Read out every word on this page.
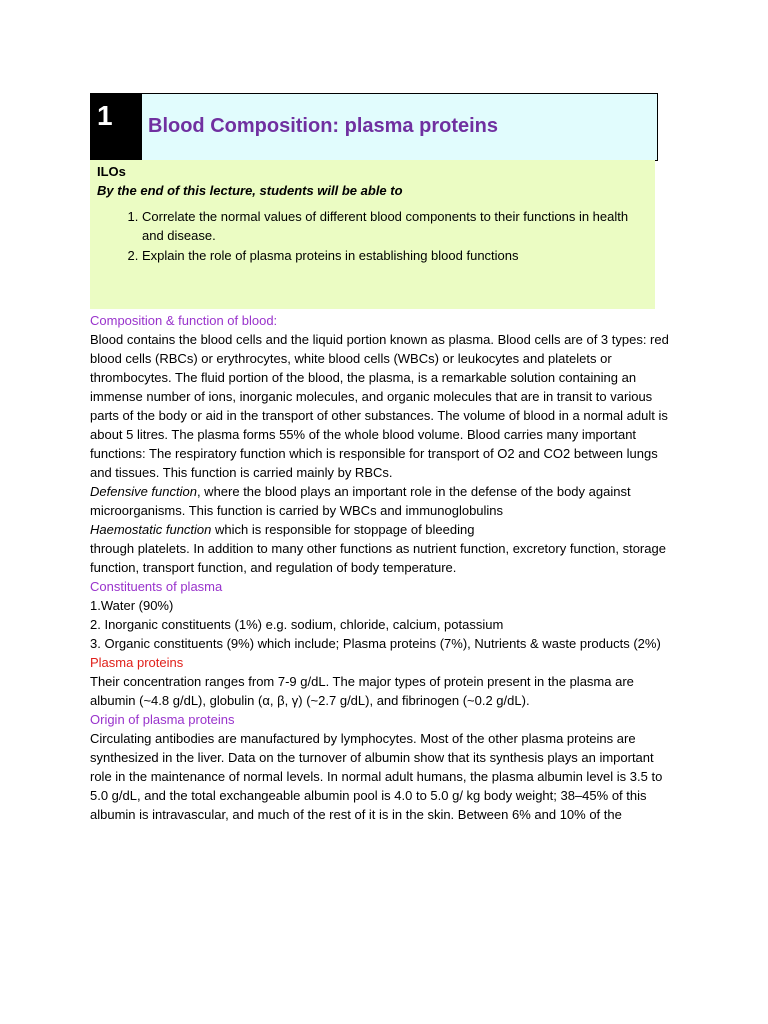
1	Blood Composition: plasma proteins
ILOs
By the end of this lecture, students will be able to
1. Correlate the normal values of different blood components to their functions in health and disease.
2. Explain the role of plasma proteins in establishing blood functions

Composition & function of blood:

Blood contains the blood cells and the liquid portion known as plasma. Blood cells are of 3 types: red blood cells (RBCs) or erythrocytes, white blood cells (WBCs) or leukocytes and platelets or thrombocytes. The fluid portion of the blood, the plasma, is a remarkable solution containing an immense number of ions, inorganic molecules, and organic molecules that are in transit to various parts of the body or aid in the transport of other substances. The volume of blood in a normal adult is about 5 litres. The plasma forms 55% of the whole blood volume. Blood carries many important functions: The respiratory function which is responsible for transport of O2 and CO2 between lungs and tissues. This function is carried mainly by RBCs.

Defensive function, where the blood plays an important role in the defense of the body against microorganisms. This function is carried by WBCs and immunoglobulins

Haemostatic function which is responsible for stoppage of bleeding

through platelets. In addition to many other functions as nutrient function, excretory function, storage function, transport function, and regulation of body temperature.

Constituents of plasma

1.Water (90%)

2. Inorganic constituents (1%) e.g. sodium, chloride, calcium, potassium

3. Organic constituents (9%) which include; Plasma proteins (7%), Nutrients & waste products (2%)

Plasma proteins

Their concentration ranges from 7-9 g/dL. The major types of protein present in the plasma are albumin (~4.8 g/dL), globulin (α, β, γ) (~2.7 g/dL), and fibrinogen (~0.2 g/dL).

Origin of plasma proteins

Circulating antibodies are manufactured by lymphocytes. Most of the other plasma proteins are synthesized in the liver. Data on the turnover of albumin show that its synthesis plays an important

role in the maintenance of normal levels. In normal adult humans, the plasma albumin level is 3.5 to

5.0 g/dL, and the total exchangeable albumin pool is 4.0 to 5.0 g/ kg body weight; 38–45% of this

albumin is intravascular, and much of the rest of it is in the skin. Between 6% and 10% of the
